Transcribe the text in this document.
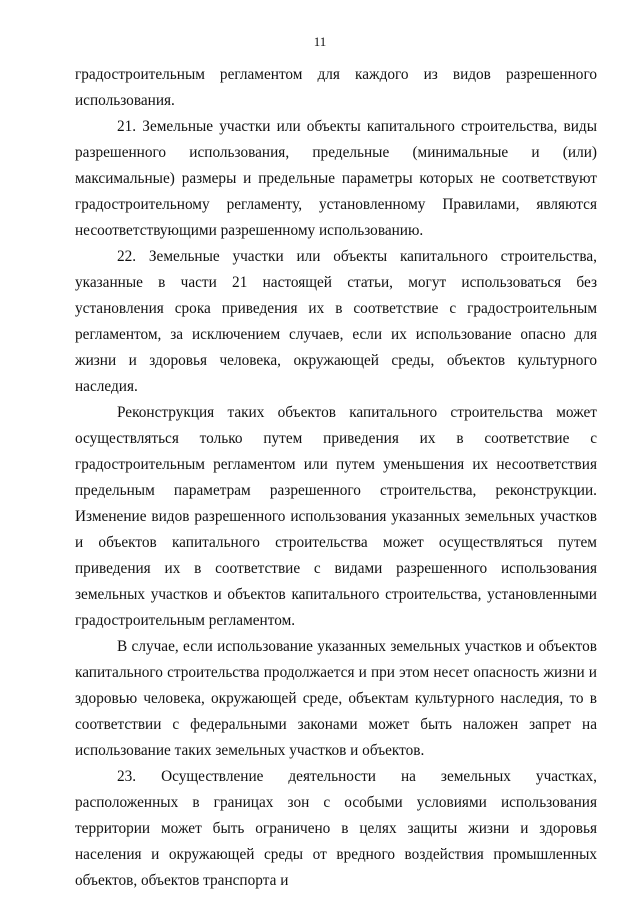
11

градостроительным регламентом для каждого из видов разрешенного использования.

21. Земельные участки или объекты капитального строительства, виды разрешенного использования, предельные (минимальные и (или) максимальные) размеры и предельные параметры которых не соответствуют градостроительному регламенту, установленному Правилами, являются несоответствующими разрешенному использованию.

22. Земельные участки или объекты капитального строительства, указанные в части 21 настоящей статьи, могут использоваться без установления срока приведения их в соответствие с градостроительным регламентом, за исключением случаев, если их использование опасно для жизни и здоровья человека, окружающей среды, объектов культурного наследия.

Реконструкция таких объектов капитального строительства может осуществляться только путем приведения их в соответствие с градостроительным регламентом или путем уменьшения их несоответствия предельным параметрам разрешенного строительства, реконструкции. Изменение видов разрешенного использования указанных земельных участков и объектов капитального строительства может осуществляться путем приведения их в соответствие с видами разрешенного использования земельных участков и объектов капитального строительства, установленными градостроительным регламентом.

В случае, если использование указанных земельных участков и объектов капитального строительства продолжается и при этом несет опасность жизни и здоровью человека, окружающей среде, объектам культурного наследия, то в соответствии с федеральными законами может быть наложен запрет на использование таких земельных участков и объектов.

23. Осуществление деятельности на земельных участках, расположенных в границах зон с особыми условиями использования территории может быть ограничено в целях защиты жизни и здоровья населения и окружающей среды от вредного воздействия промышленных объектов, объектов транспорта и
